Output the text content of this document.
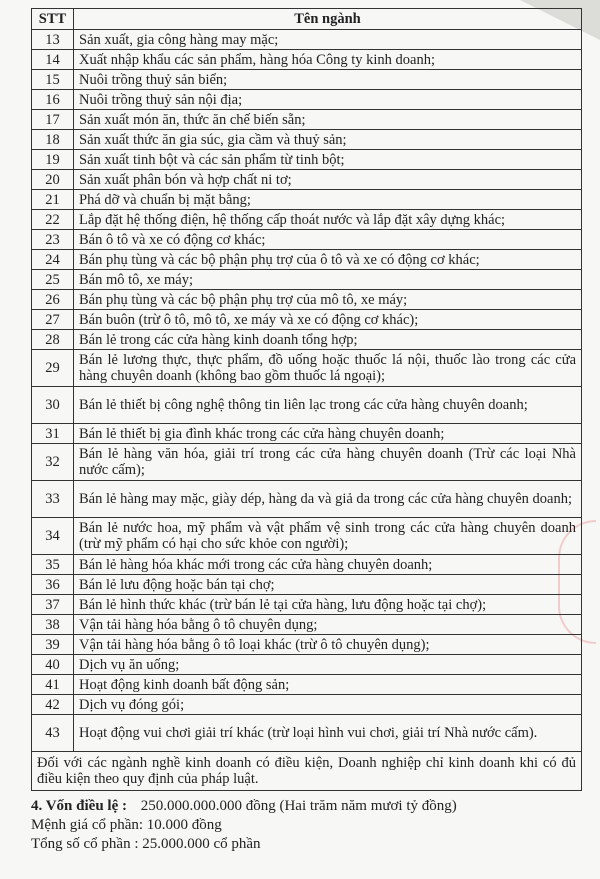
STT	Tên ngành
13	Sản xuất, gia công hàng may mặc;
14	Xuất nhập khẩu các sản phẩm, hàng hóa Công ty kinh doanh;
15	Nuôi trồng thuỷ sản biển;
16	Nuôi trồng thuỷ sản nội địa;
17	Sản xuất món ăn, thức ăn chế biến sẵn;
18	Sản xuất thức ăn gia súc, gia cầm và thuỷ sản;
19	Sản xuất tinh bột và các sản phẩm từ tinh bột;
20	Sản xuất phân bón và hợp chất ni tơ;
21	Phá dỡ và chuẩn bị mặt bằng;
22	Lắp đặt hệ thống điện, hệ thống cấp thoát nước và lắp đặt xây dựng khác;
23	Bán ô tô và xe có động cơ khác;
24	Bán phụ tùng và các bộ phận phụ trợ của ô tô và xe có động cơ khác;
25	Bán mô tô, xe máy;
26	Bán phụ tùng và các bộ phận phụ trợ của mô tô, xe máy;
27	Bán buôn (trừ ô tô, mô tô, xe máy và xe có động cơ khác);
28	Bán lẻ trong các cửa hàng kinh doanh tổng hợp;
29	Bán lẻ lương thực, thực phẩm, đồ uống hoặc thuốc lá nội, thuốc lào trong các cửa hàng chuyên doanh (không bao gồm thuốc lá ngoại);
30	Bán lẻ thiết bị công nghệ thông tin liên lạc trong các cửa hàng chuyên doanh;
31	Bán lẻ thiết bị gia đình khác trong các cửa hàng chuyên doanh;
32	Bán lẻ hàng văn hóa, giải trí trong các cửa hàng chuyên doanh (Trừ các loại Nhà nước cấm);
33	Bán lẻ hàng may mặc, giày dép, hàng da và giả da trong các cửa hàng chuyên doanh;
34	Bán lẻ nước hoa, mỹ phẩm và vật phẩm vệ sinh trong các cửa hàng chuyên doanh (trừ mỹ phẩm có hại cho sức khỏe con người);
35	Bán lẻ hàng hóa khác mới trong các cửa hàng chuyên doanh;
36	Bán lẻ lưu động hoặc bán tại chợ;
37	Bán lẻ hình thức khác (trừ bán lẻ tại cửa hàng, lưu động hoặc tại chợ);
38	Vận tải hàng hóa bằng ô tô chuyên dụng;
39	Vận tải hàng hóa bằng ô tô loại khác (trừ ô tô chuyên dụng);
40	Dịch vụ ăn uống;
41	Hoạt động kinh doanh bất động sản;
42	Dịch vụ đóng gói;
43	Hoạt động vui chơi giải trí khác (trừ loại hình vui chơi, giải trí Nhà nước cấm).
Đối với các ngành nghề kinh doanh có điều kiện, Doanh nghiệp chỉ kinh doanh khi có đủ điều kiện theo quy định của pháp luật.	
4. Vốn điều lệ : 250.000.000.000 đồng (Hai trăm năm mươi tỷ đồng)
Mệnh giá cổ phần: 10.000 đồng
Tổng số cổ phần : 25.000.000 cổ phần
